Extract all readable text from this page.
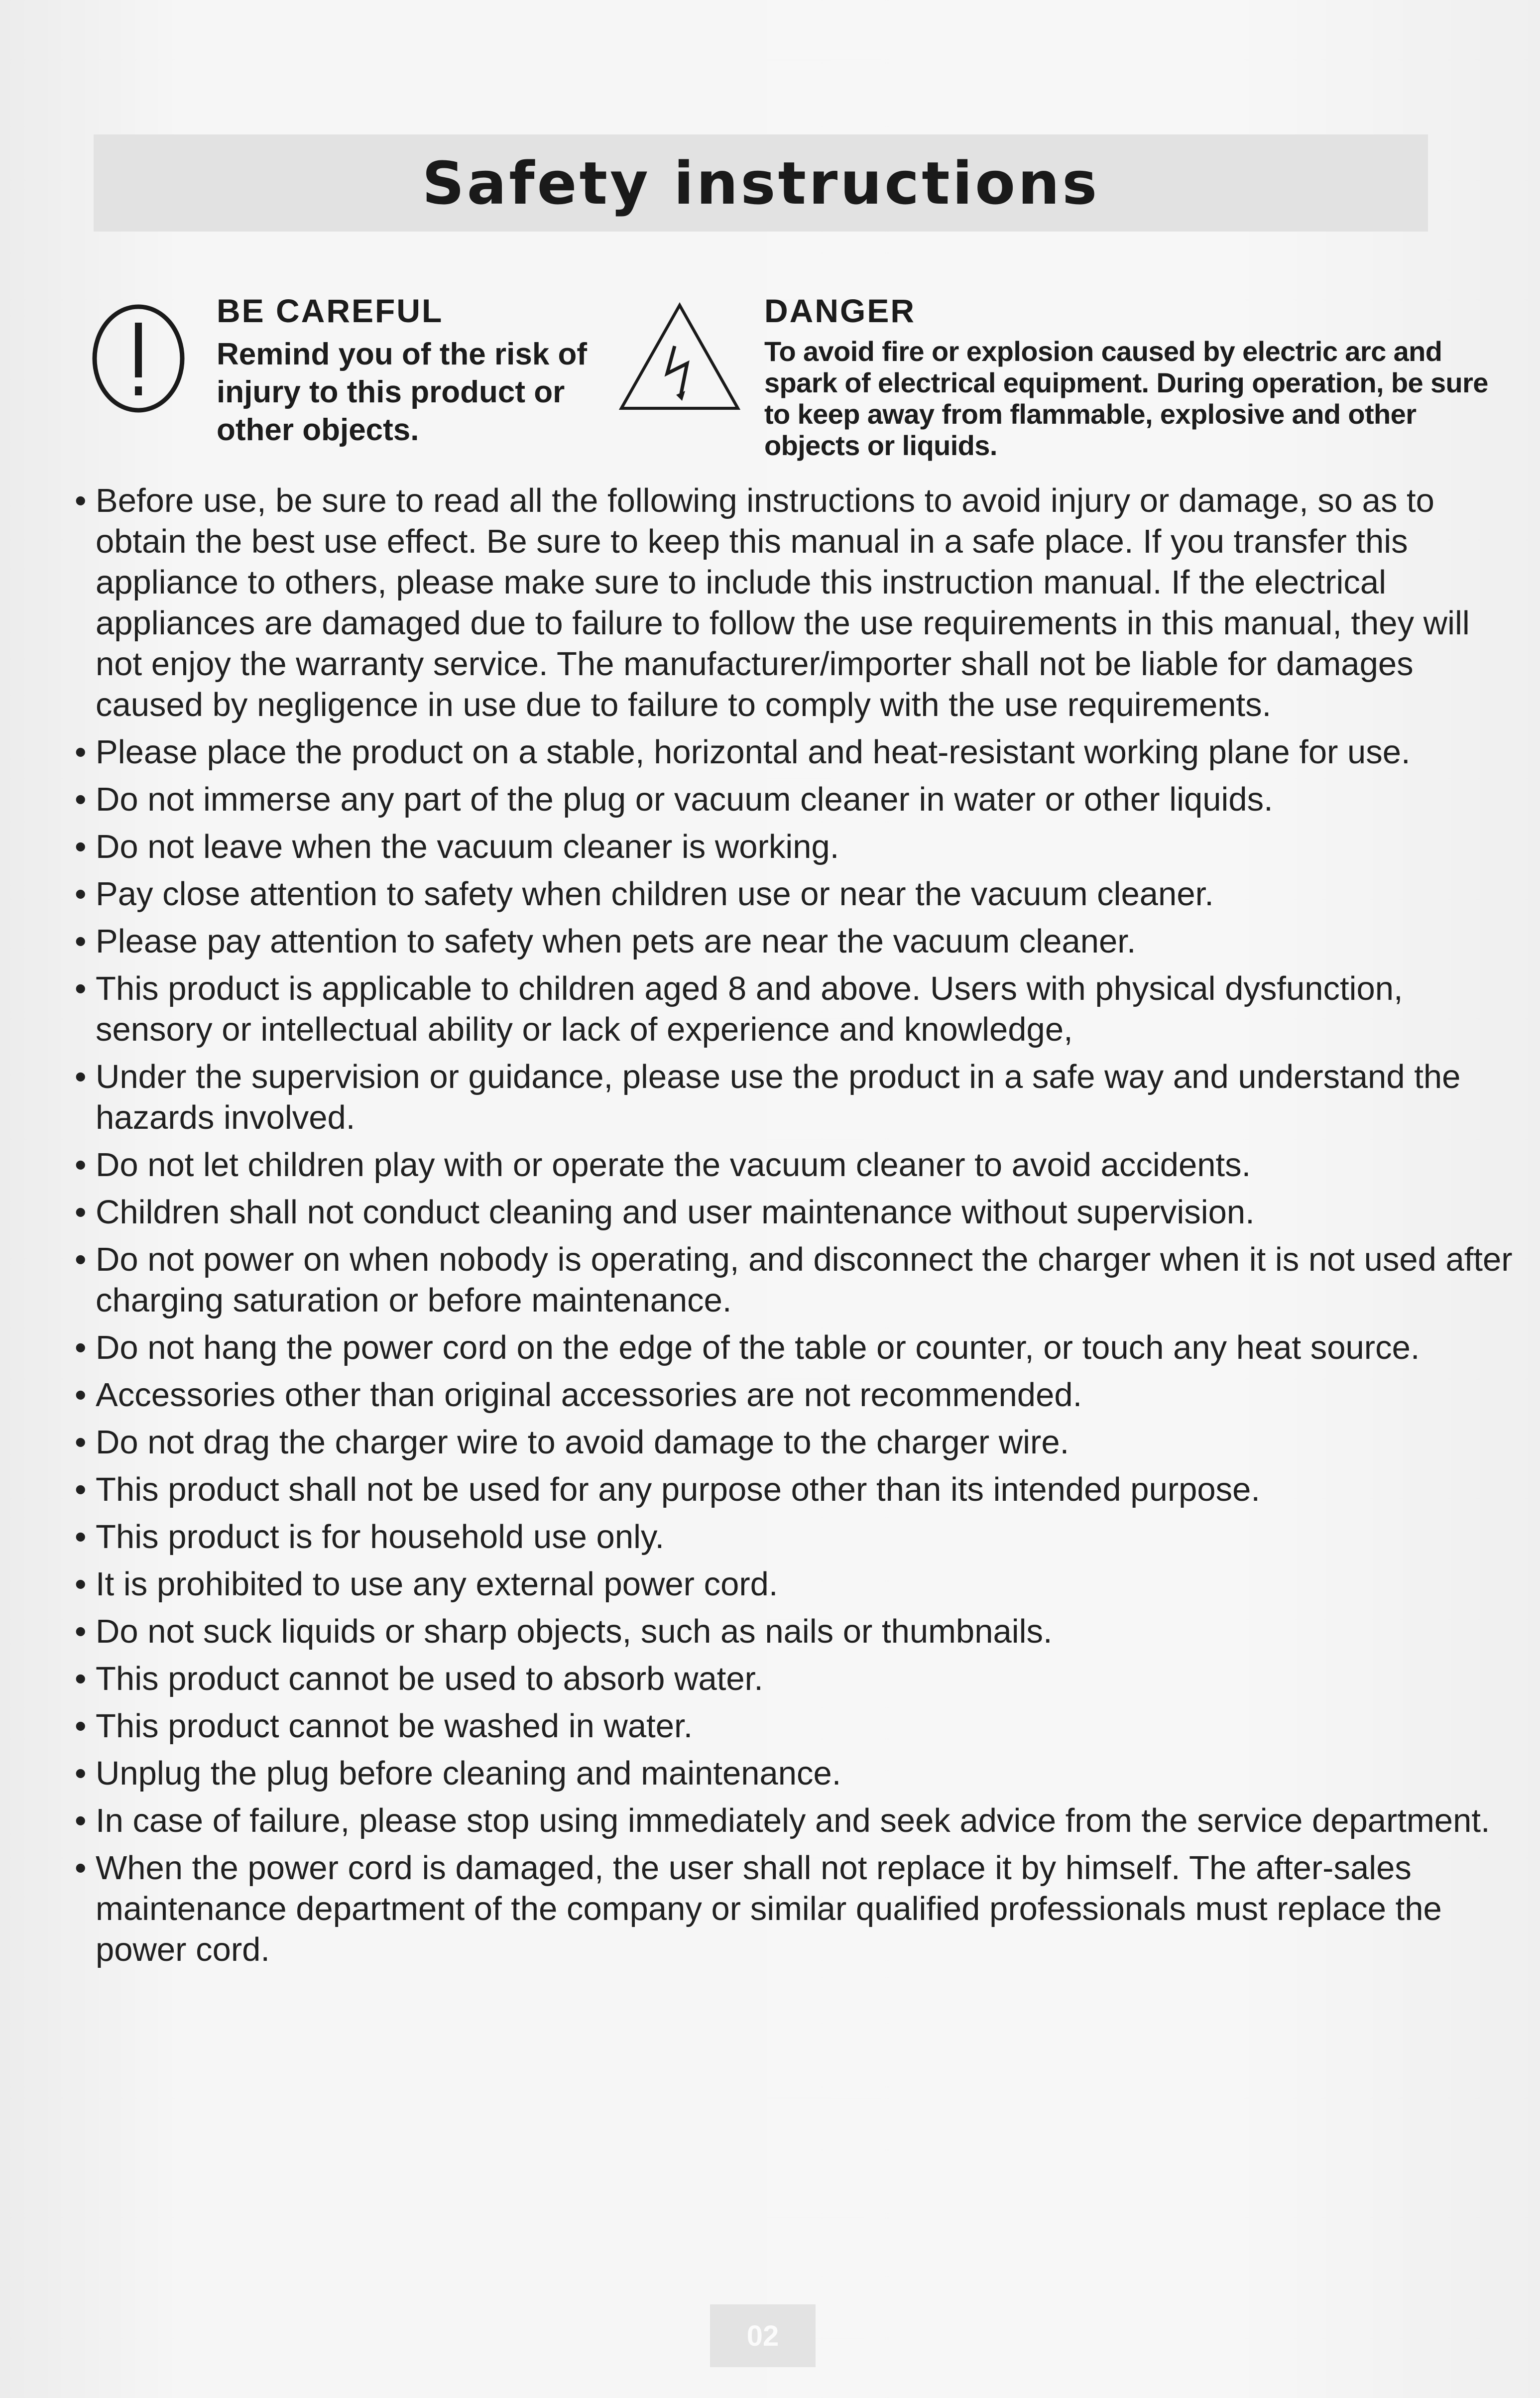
Safety instructions
BE CAREFUL
Remind you of the risk of injury to this product or other objects.
DANGER
To avoid fire or explosion caused by electric arc and spark of electrical equipment. During operation, be sure to keep away from flammable, explosive and other objects or liquids.
• Before use, be sure to read all the following instructions to avoid injury or damage, so as to obtain the best use effect. Be sure to keep this manual in a safe place. If you transfer this appliance to others, please make sure to include this instruction manual. If the electrical appliances are damaged due to failure to follow the use requirements in this manual, they will not enjoy the warranty service. The manufacturer/importer shall not be liable for damages caused by negligence in use due to failure to comply with the use requirements.
• Please place the product on a stable, horizontal and heat-resistant working plane for use.
• Do not immerse any part of the plug or vacuum cleaner in water or other liquids.
• Do not leave when the vacuum cleaner is working.
• Pay close attention to safety when children use or near the vacuum cleaner.
• Please pay attention to safety when pets are near the vacuum cleaner.
• This product is applicable to children aged 8 and above. Users with physical dysfunction, sensory or intellectual ability or lack of experience and knowledge,
• Under the supervision or guidance, please use the product in a safe way and understand the hazards involved.
• Do not let children play with or operate the vacuum cleaner to avoid accidents.
• Children shall not conduct cleaning and user maintenance without supervision.
• Do not power on when nobody is operating, and disconnect the charger when it is not used after charging saturation or before maintenance.
• Do not hang the power cord on the edge of the table or counter, or touch any heat source.
• Accessories other than original accessories are not recommended.
• Do not drag the charger wire to avoid damage to the charger wire.
• This product shall not be used for any purpose other than its intended purpose.
• This product is for household use only.
• It is prohibited to use any external power cord.
• Do not suck liquids or sharp objects, such as nails or thumbnails.
• This product cannot be used to absorb water.
• This product cannot be washed in water.
• Unplug the plug before cleaning and maintenance.
• In case of failure, please stop using immediately and seek advice from the service department.
• When the power cord is damaged, the user shall not replace it by himself. The after-sales maintenance department of the company or similar qualified professionals must replace the power cord.
02
